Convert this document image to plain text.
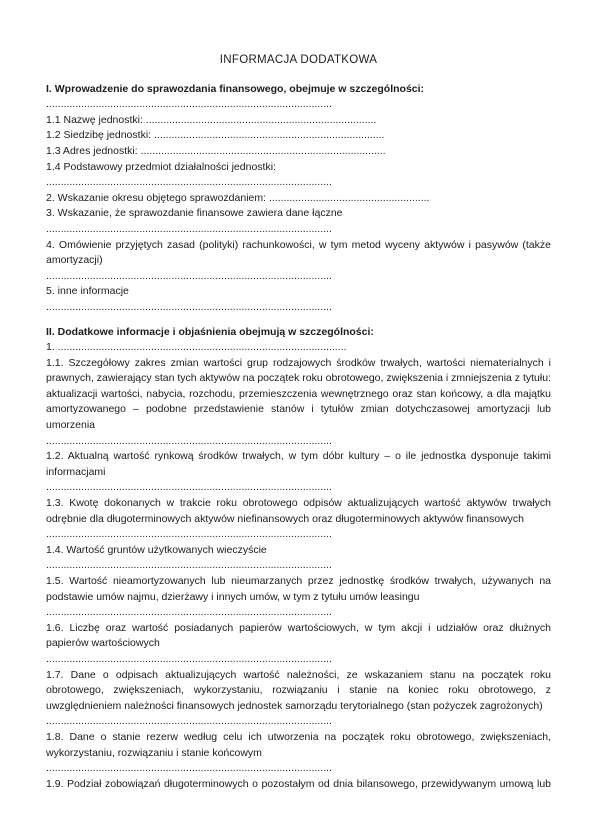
INFORMACJA DODATKOWA
I. Wprowadzenie do sprawozdania finansowego, obejmuje w szczególności:

..................................................................................................

1.1 Nazwę jednostki: ...............................................................................

1.2 Siedzibę jednostki: ...............................................................................

1.3 Adres jednostki: ....................................................................................

1.4 Podstawowy przedmiot działalności jednostki:

..................................................................................................

2. Wskazanie okresu objętego sprawozdaniem: .......................................................

3. Wskazanie, że sprawozdanie finansowe zawiera dane łączne

..................................................................................................

4. Omówienie przyjętych zasad (polityki) rachunkowości, w tym metod wyceny aktywów i pasywów (także amortyzacji)

..................................................................................................

5. inne informacje

..................................................................................................

II. Dodatkowe informacje i objaśnienia obejmują w szczególności:

1. ...................................................................................................

1.1. Szczegółowy zakres zmian wartości grup rodzajowych środków trwałych, wartości niematerialnych i prawnych, zawierający stan tych aktywów na początek roku obrotowego, zwiększenia i zmniejszenia z tytułu: aktualizacji wartości, nabycia, rozchodu, przemieszczenia wewnętrznego oraz stan końcowy, a dla majątku amortyzowanego – podobne przedstawienie stanów i tytułów zmian dotychczasowej amortyzacji lub umorzenia

..................................................................................................

1.2. Aktualną wartość rynkową środków trwałych, w tym dóbr kultury – o ile jednostka dysponuje takimi informacjami

..................................................................................................

1.3. Kwotę dokonanych w trakcie roku obrotowego odpisów aktualizujących wartość aktywów trwałych odrębnie dla długoterminowych aktywów niefinansowych oraz długoterminowych aktywów finansowych

..................................................................................................

1.4. Wartość gruntów użytkowanych wieczyście

..................................................................................................

1.5. Wartość nieamortyzowanych lub nieumarzanych przez jednostkę środków trwałych, używanych na podstawie umów najmu, dzierżawy i innych umów, w tym z tytułu umów leasingu

..................................................................................................

1.6. Liczbę oraz wartość posiadanych papierów wartościowych, w tym akcji i udziałów oraz dłużnych papierów wartościowych

..................................................................................................

1.7. Dane o odpisach aktualizujących wartość należności, ze wskazaniem stanu na początek roku obrotowego, zwiększeniach, wykorzystaniu, rozwiązaniu i stanie na koniec roku obrotowego, z uwzględnieniem należności finansowych jednostek samorządu terytorialnego (stan pożyczek zagrożonych)

..................................................................................................

1.8. Dane o stanie rezerw według celu ich utworzenia na początek roku obrotowego, zwiększeniach, wykorzystaniu, rozwiązaniu i stanie końcowym

..................................................................................................

1.9. Podział zobowiązań długoterminowych o pozostałym od dnia bilansowego, przewidywanym umową lub
